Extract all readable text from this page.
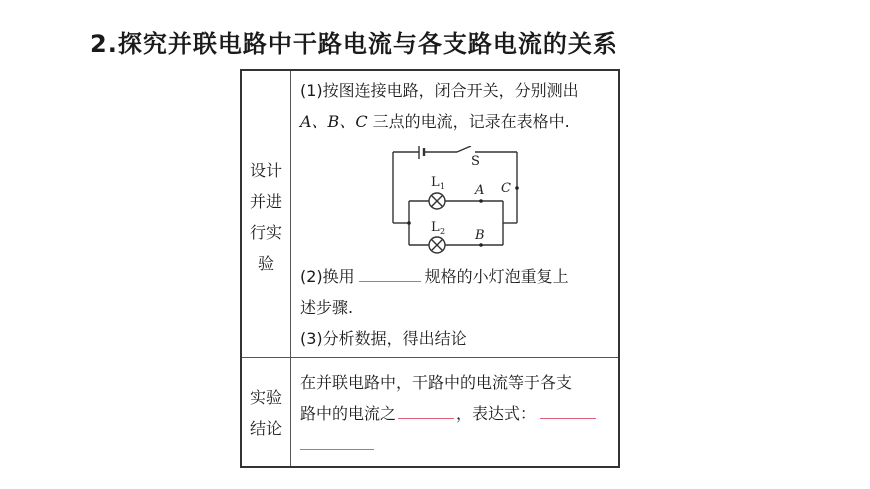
2.探究并联电路中干路电流与各支路电流的关系
设计
并进
行实
验
(1)按图连接电路，闭合开关，分别测出
A、B、C 三点的电流，记录在表格中.
S
L 1
L 2
A
B
C
(2)换用	规格的小灯泡重复上
述步骤.
(3)分析数据，得出结论
实验
结论
在并联电路中，干路中的电流等于各支
路中的电流之	，表达式：
